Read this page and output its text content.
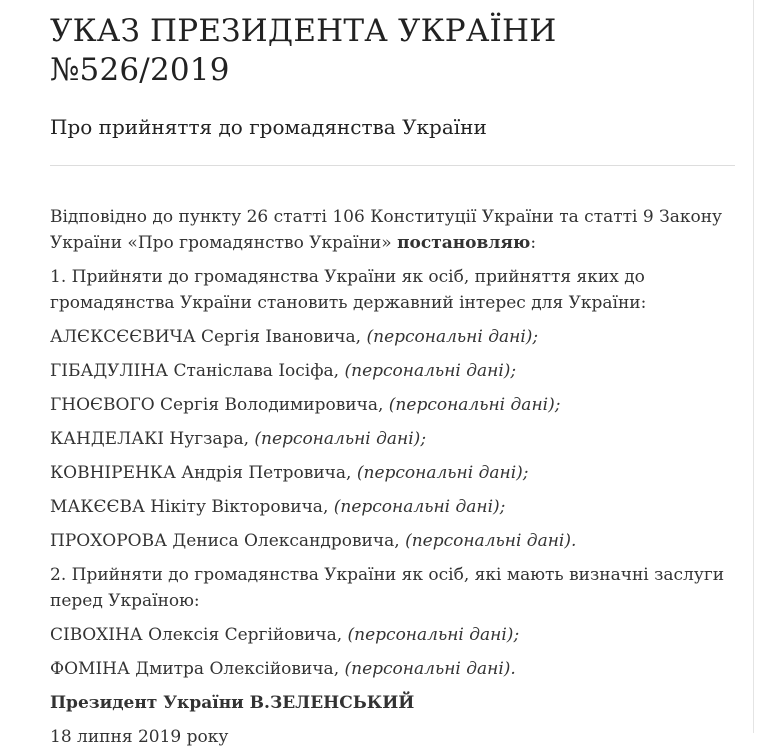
УКАЗ ПРЕЗИДЕНТА УКРАЇНИ №526/2019
Про прийняття до громадянства України

Відповідно до пункту 26 статті 106 Конституції України та статті 9 Закону України «Про громадянство України» постановляю:

1. Прийняти до громадянства України як осіб, прийняття яких до громадянства України становить державний інтерес для України:

АЛЄКСЄЄВИЧА Сергія Івановича, (персональні дані);

ГІБАДУЛІНА Станіслава Іосіфа, (персональні дані);

ГНОЄВОГО Сергія Володимировича, (персональні дані);

КАНДЕЛАКІ Нугзара, (персональні дані);

КОВНІРЕНКА Андрія Петровича, (персональні дані);

МАКЄЄВА Нікіту Вікторовича, (персональні дані);

ПРОХОРОВА Дениса Олександровича, (персональні дані).

2. Прийняти до громадянства України як осіб, які мають визначні заслуги перед Україною:

СІВОХІНА Олексія Сергійовича, (персональні дані);

ФОМІНА Дмитра Олексійовича, (персональні дані).

Президент України В.ЗЕЛЕНСЬКИЙ

18 липня 2019 року
